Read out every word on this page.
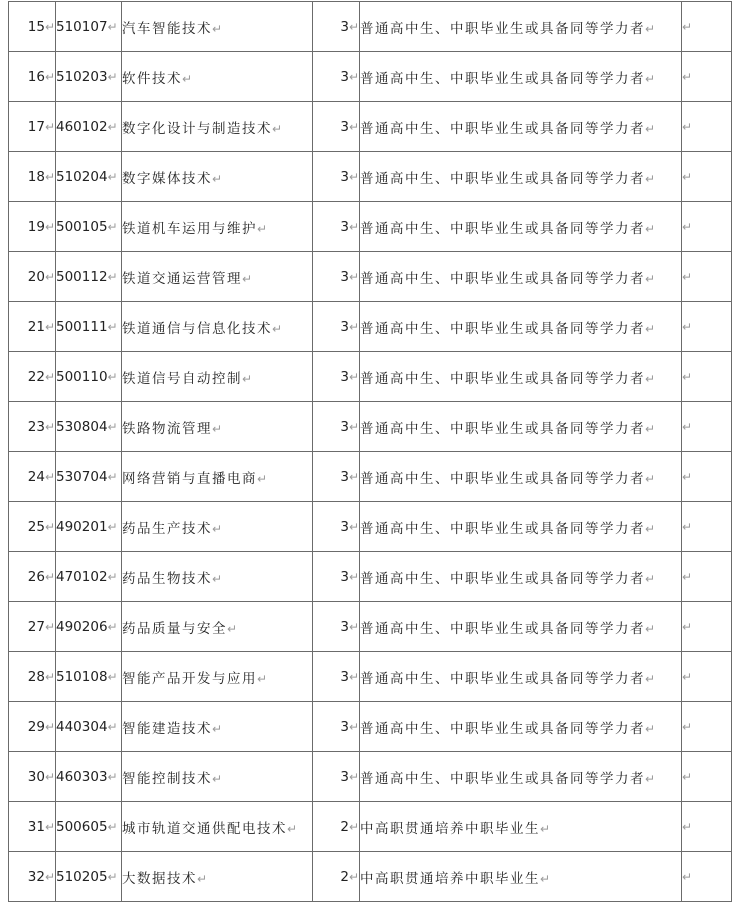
15↵	510107↵	汽车智能技术↵	3↵	普通高中生、中职毕业生或具备同等学力者↵	↵
16↵	510203↵	软件技术↵	3↵	普通高中生、中职毕业生或具备同等学力者↵	↵
17↵	460102↵	数字化设计与制造技术↵	3↵	普通高中生、中职毕业生或具备同等学力者↵	↵
18↵	510204↵	数字媒体技术↵	3↵	普通高中生、中职毕业生或具备同等学力者↵	↵
19↵	500105↵	铁道机车运用与维护↵	3↵	普通高中生、中职毕业生或具备同等学力者↵	↵
20↵	500112↵	铁道交通运营管理↵	3↵	普通高中生、中职毕业生或具备同等学力者↵	↵
21↵	500111↵	铁道通信与信息化技术↵	3↵	普通高中生、中职毕业生或具备同等学力者↵	↵
22↵	500110↵	铁道信号自动控制↵	3↵	普通高中生、中职毕业生或具备同等学力者↵	↵
23↵	530804↵	铁路物流管理↵	3↵	普通高中生、中职毕业生或具备同等学力者↵	↵
24↵	530704↵	网络营销与直播电商↵	3↵	普通高中生、中职毕业生或具备同等学力者↵	↵
25↵	490201↵	药品生产技术↵	3↵	普通高中生、中职毕业生或具备同等学力者↵	↵
26↵	470102↵	药品生物技术↵	3↵	普通高中生、中职毕业生或具备同等学力者↵	↵
27↵	490206↵	药品质量与安全↵	3↵	普通高中生、中职毕业生或具备同等学力者↵	↵
28↵	510108↵	智能产品开发与应用↵	3↵	普通高中生、中职毕业生或具备同等学力者↵	↵
29↵	440304↵	智能建造技术↵	3↵	普通高中生、中职毕业生或具备同等学力者↵	↵
30↵	460303↵	智能控制技术↵	3↵	普通高中生、中职毕业生或具备同等学力者↵	↵
31↵	500605↵	城市轨道交通供配电技术↵	2↵	中高职贯通培养中职毕业生↵	↵
32↵	510205↵	大数据技术↵	2↵	中高职贯通培养中职毕业生↵	↵
